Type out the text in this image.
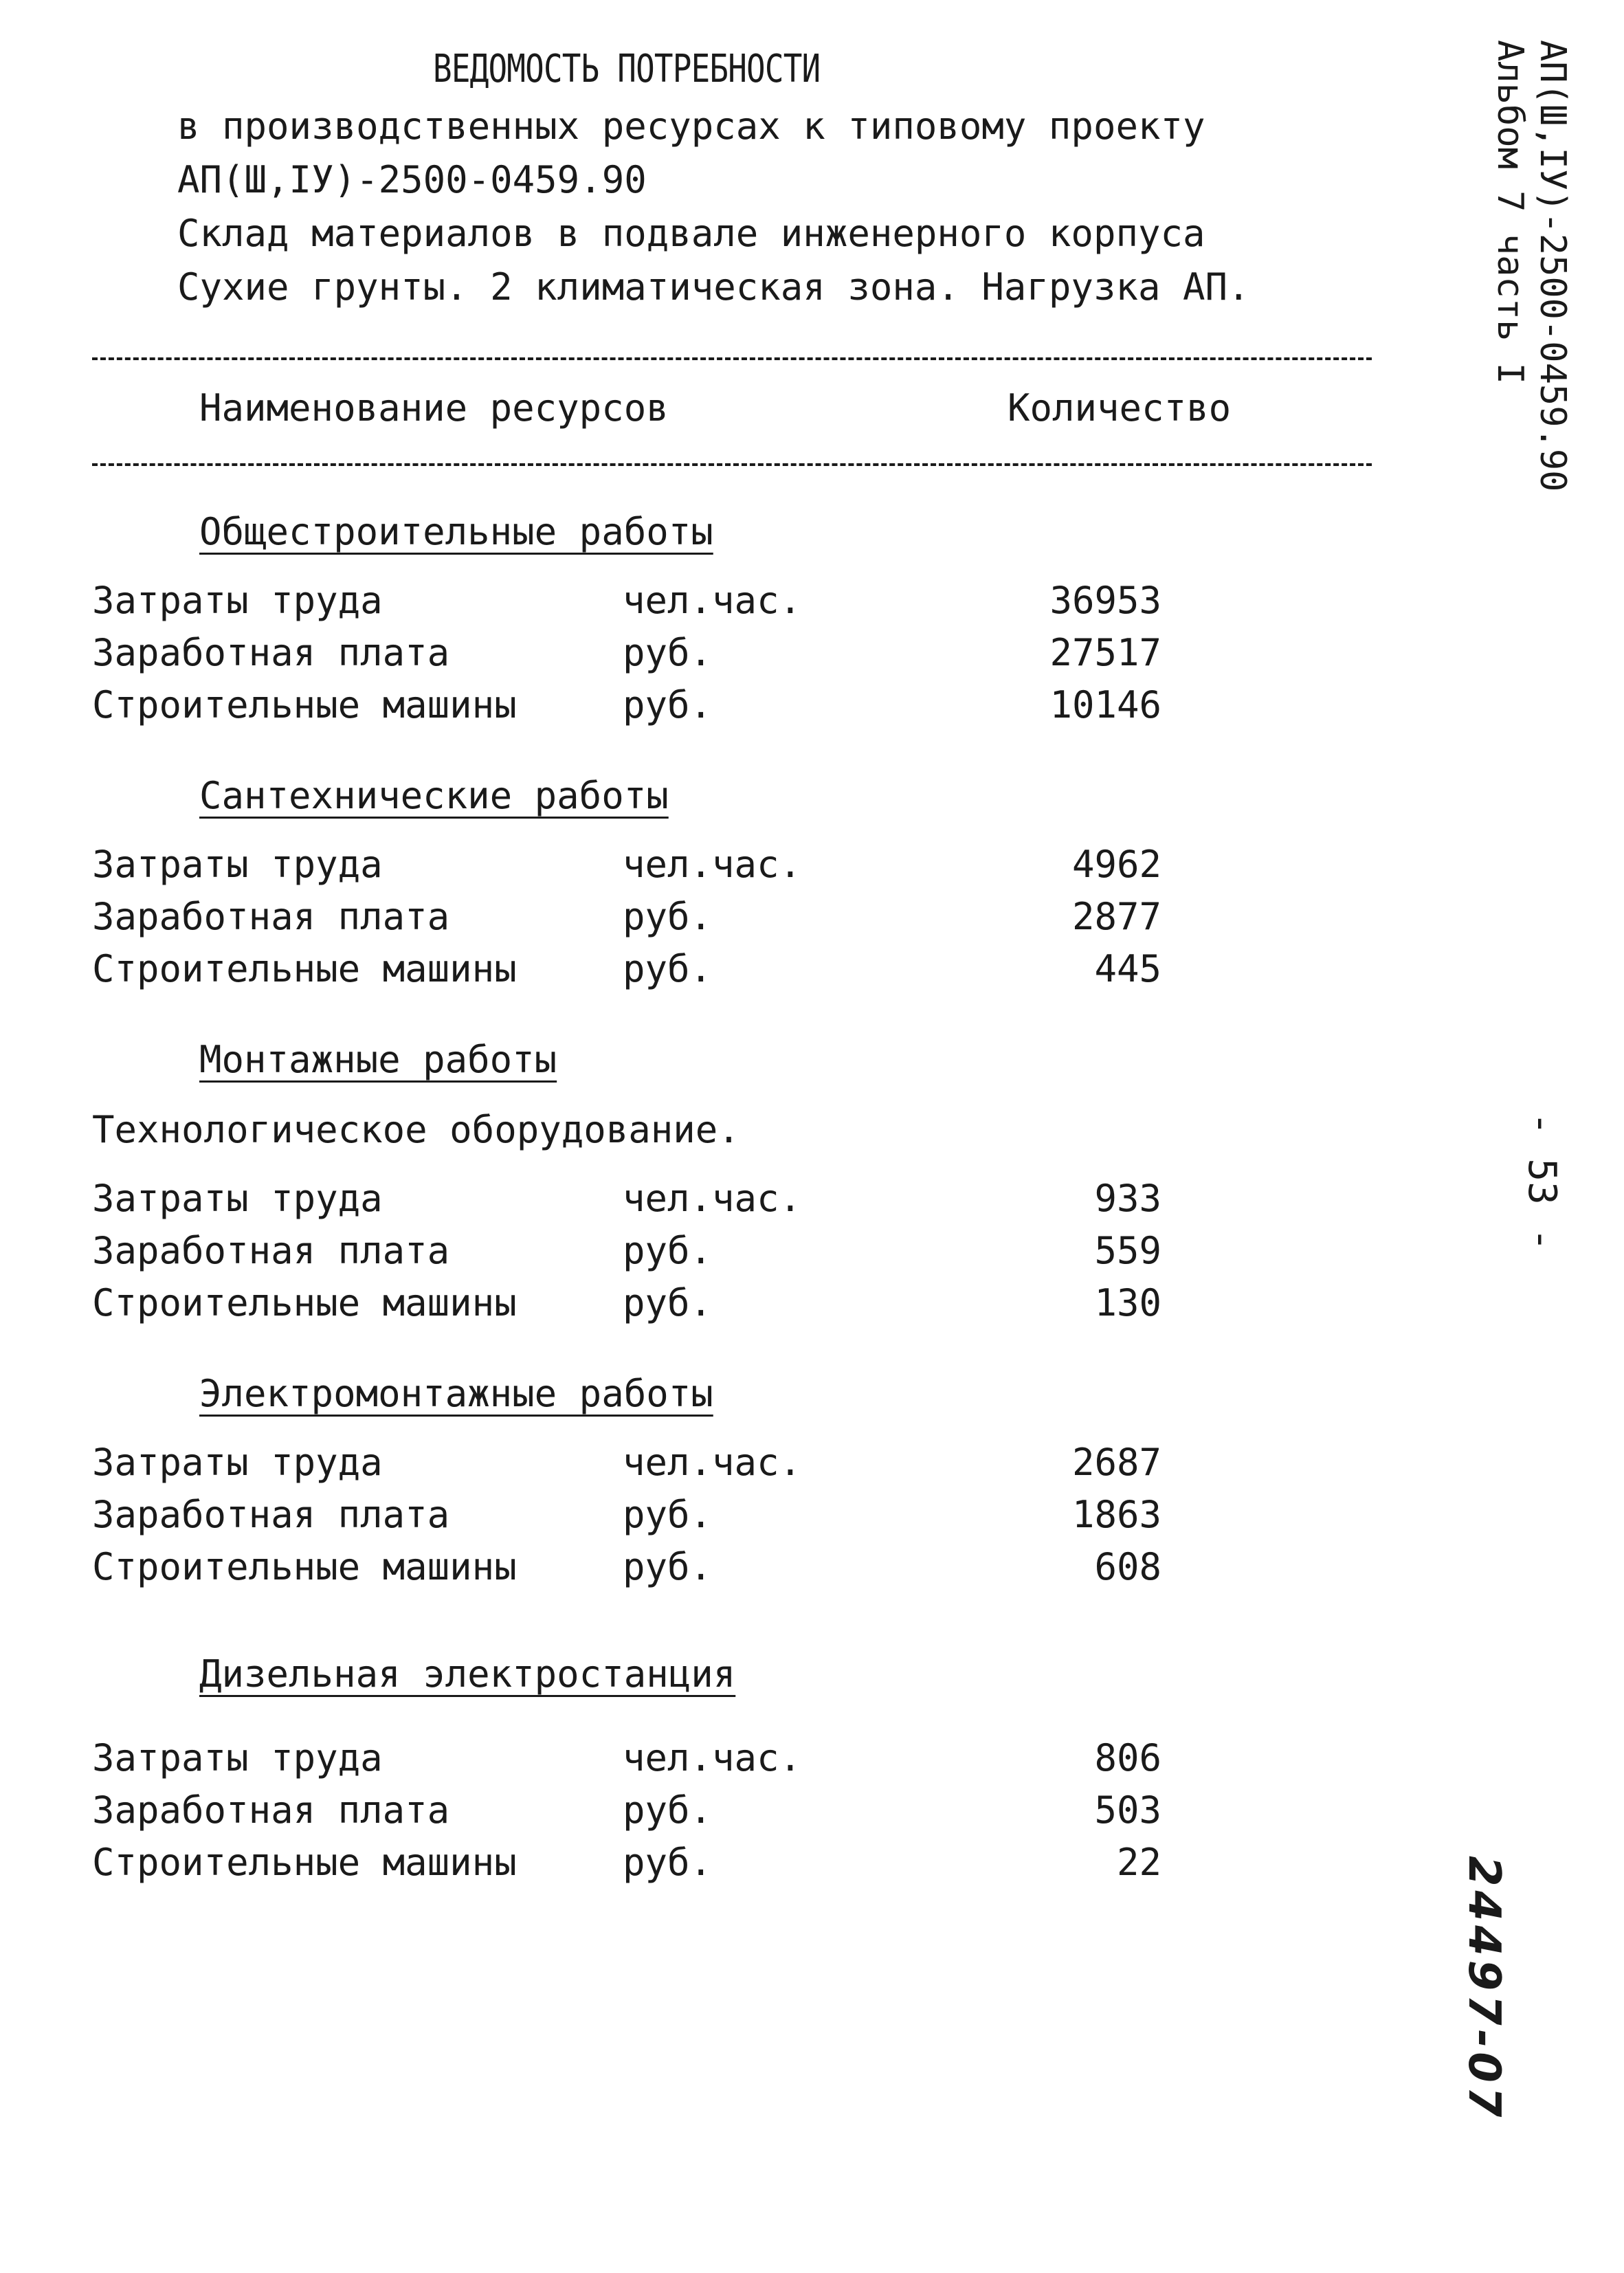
ВЕДОМОСТЬ ПОТРЕБНОСТИ
в производственных ресурсах к типовому проекту
АП(Ш,IУ)-2500-0459.90
Склад материалов в подвале инженерного корпуса
Сухие грунты. 2 климатическая зона. Нагрузка АП.
Наименование ресурсов	Количество
Общестроительные работы
Затраты труда	чел.час.	36953
Заработная плата	руб.	27517
Строительные машины	руб.	10146
Сантехнические работы
Затраты труда	чел.час.	4962
Заработная плата	руб.	2877
Строительные машины	руб.	445
Монтажные работы
Технологическое оборудование.
Затраты труда	чел.час.	933
Заработная плата	руб.	559
Строительные машины	руб.	130
Электромонтажные работы
Затраты труда	чел.час.	2687
Заработная плата	руб.	1863
Строительные машины	руб.	608
Дизельная электростанция
Затраты труда	чел.час.	806
Заработная плата	руб.	503
Строительные машины	руб.	22
АП(Ш,IУ)-2500-0459.90
Альбом 7 часть I
- 53 -
24497-07
